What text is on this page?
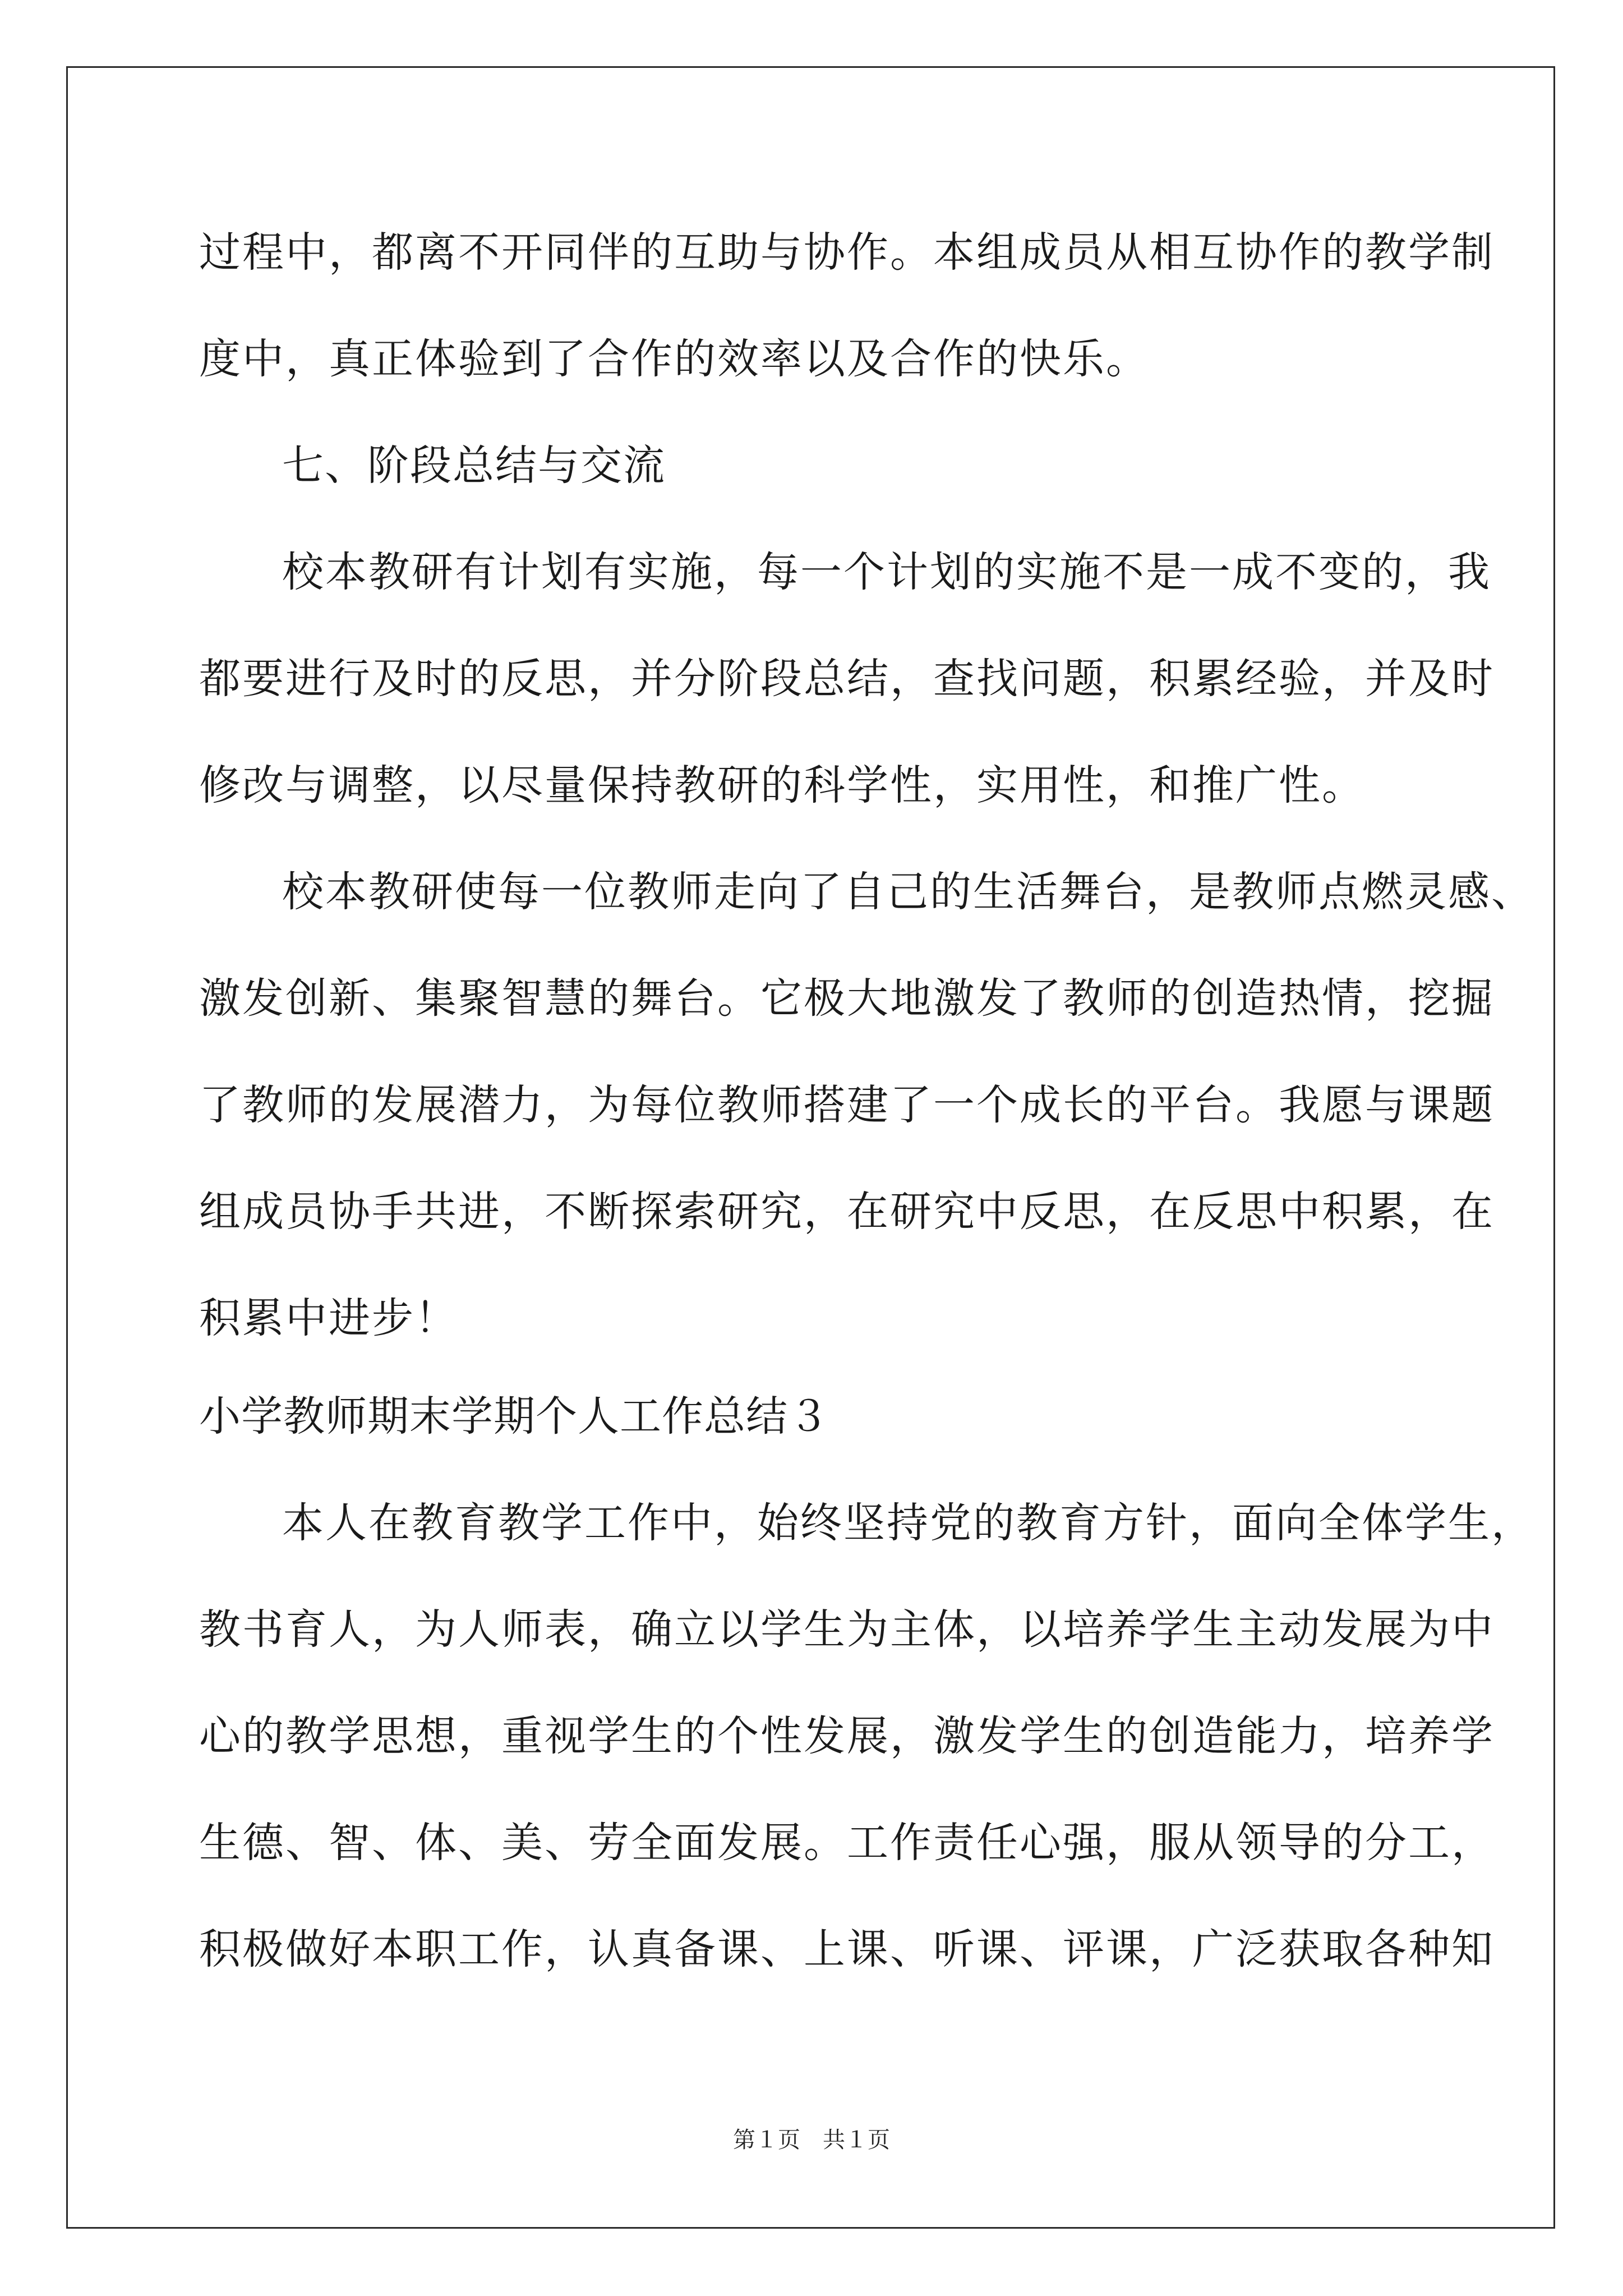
过程中，都离不开同伴的互助与协作。本组成员从相互协作的教学制
度中，真正体验到了合作的效率以及合作的快乐。
七、阶段总结与交流
校本教研有计划有实施，每一个计划的实施不是一成不变的，我
都要进行及时的反思，并分阶段总结，查找问题，积累经验，并及时
修改与调整，以尽量保持教研的科学性，实用性，和推广性。
校本教研使每一位教师走向了自己的生活舞台，是教师点燃灵感、
激发创新、集聚智慧的舞台。它极大地激发了教师的创造热情，挖掘
了教师的发展潜力，为每位教师搭建了一个成长的平台。我愿与课题
组成员协手共进，不断探索研究，在研究中反思，在反思中积累，在
积累中进步！
小学教师期末学期个人工作总结３
本人在教育教学工作中，始终坚持党的教育方针，面向全体学生，
教书育人，为人师表，确立以学生为主体，以培养学生主动发展为中
心的教学思想，重视学生的个性发展，激发学生的创造能力，培养学
生德、智、体、美、劳全面发展。工作责任心强，服从领导的分工，
积极做好本职工作，认真备课、上课、听课、评课，广泛获取各种知
第１页　共１页
